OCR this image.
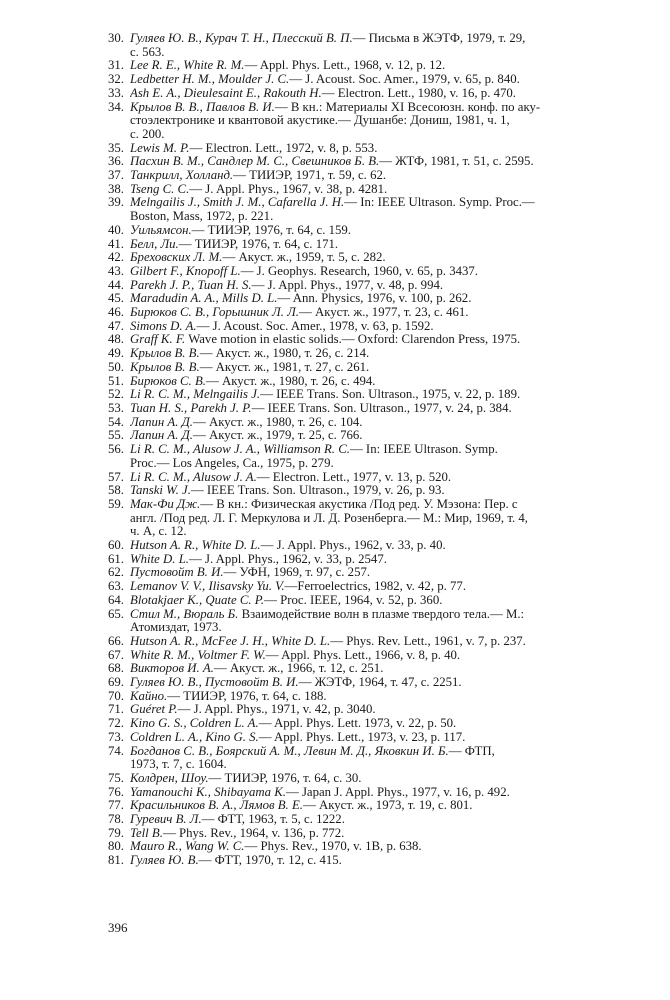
30. Гуляев Ю. В., Курач Т. Н., Плесский В. П.— Письма в ЖЭТФ, 1979, т. 29,
с. 563.
31. Lee R. E., White R. M.— Appl. Phys. Lett., 1968, v. 12, p. 12.
32. Ledbetter H. M., Moulder J. C.— J. Acoust. Soc. Amer., 1979, v. 65, p. 840.
33. Ash E. A., Dieulesaint E., Rakouth H.— Electron. Lett., 1980, v. 16, p. 470.
34. Крылов В. В., Павлов В. И.— В кн.: Материалы XI Всесоюзн. конф. по аку-
стоэлектронике и квантовой акустике.— Душанбе: Дониш, 1981, ч. 1,
с. 200.
35. Lewis M. P.— Electron. Lett., 1972, v. 8, p. 553.
36. Пасхин В. М., Сандлер М. С., Свешников Б. В.— ЖТФ, 1981, т. 51, с. 2595.
37. Танкрилл, Холланд.— ТИИЭР, 1971, т. 59, с. 62.
38. Tseng C. C.— J. Appl. Phys., 1967, v. 38, p. 4281.
39. Melngailis J., Smith J. M., Cafarella J. H.— In: IEEE Ultrason. Symp. Proc.—
Boston, Mass, 1972, p. 221.
40. Уильямсон.— ТИИЭР, 1976, т. 64, с. 159.
41. Белл, Ли.— ТИИЭР, 1976, т. 64, с. 171.
42. Бреховских Л. М.— Акуст. ж., 1959, т. 5, с. 282.
43. Gilbert F., Knopoff L.— J. Geophys. Research, 1960, v. 65, p. 3437.
44. Parekh J. P., Tuan H. S.— J. Appl. Phys., 1977, v. 48, p. 994.
45. Maradudin A. A., Mills D. L.— Ann. Physics, 1976, v. 100, p. 262.
46. Бирюков С. В., Горышник Л. Л.— Акуст. ж., 1977, т. 23, с. 461.
47. Simons D. A.— J. Acoust. Soc. Amer., 1978, v. 63, p. 1592.
48. Graff K. F. Wave motion in elastic solids.— Oxford: Clarendon Press, 1975.
49. Крылов В. В.— Акуст. ж., 1980, т. 26, с. 214.
50. Крылов В. В.— Акуст. ж., 1981, т. 27, с. 261.
51. Бирюков С. В.— Акуст. ж., 1980, т. 26, с. 494.
52. Li R. C. M., Melngailis J.— IEEE Trans. Son. Ultrason., 1975, v. 22, p. 189.
53. Tuan H. S., Parekh J. P.— IEEE Trans. Son. Ultrason., 1977, v. 24, p. 384.
54. Лапин А. Д.— Акуст. ж., 1980, т. 26, с. 104.
55. Лапин А. Д.— Акуст. ж., 1979, т. 25, с. 766.
56. Li R. C. M., Alusow J. A., Williamson R. C.— In: IEEE Ultrason. Symp.
Proc.— Los Angeles, Ca., 1975, p. 279.
57. Li R. C. M., Alusow J. A.— Electron. Lett., 1977, v. 13, p. 520.
58. Tanski W. J.— IEEE Trans. Son. Ultrason., 1979, v. 26, p. 93.
59. Мак-Фи Дж.— В кн.: Физическая акустика /Под ред. У. Мэзона: Пер. с
англ. /Под ред. Л. Г. Меркулова и Л. Д. Розенберга.— М.: Мир, 1969, т. 4,
ч. А, с. 12.
60. Hutson A. R., White D. L.— J. Appl. Phys., 1962, v. 33, p. 40.
61. White D. L.— J. Appl. Phys., 1962, v. 33, p. 2547.
62. Пустовойт В. И.— УФН, 1969, т. 97, с. 257.
63. Lemanov V. V., Ilisavsky Yu. V.—Ferroelectrics, 1982, v. 42, p. 77.
64. Blotakjaer K., Quate C. P.— Proc. IEEE, 1964, v. 52, p. 360.
65. Стил М., Вюраль Б. Взаимодействие волн в плазме твердого тела.— М.:
Атомиздат, 1973.
66. Hutson A. R., McFee J. H., White D. L.— Phys. Rev. Lett., 1961, v. 7, p. 237.
67. White R. M., Voltmer F. W.— Appl. Phys. Lett., 1966, v. 8, p. 40.
68. Викторов И. А.— Акуст. ж., 1966, т. 12, с. 251.
69. Гуляев Ю. В., Пустовойт В. И.— ЖЭТФ, 1964, т. 47, с. 2251.
70. Кайно.— ТИИЭР, 1976, т. 64, с. 188.
71. Guéret P.— J. Appl. Phys., 1971, v. 42, p. 3040.
72. Kino G. S., Coldren L. A.— Appl. Phys. Lett. 1973, v. 22, p. 50.
73. Coldren L. A., Kino G. S.— Appl. Phys. Lett., 1973, v. 23, p. 117.
74. Богданов С. В., Боярский А. М., Левин М. Д., Яковкин И. Б.— ФТП,
1973, т. 7, с. 1604.
75. Колдрен, Шоу.— ТИИЭР, 1976, т. 64, с. 30.
76. Yamanouchi K., Shibayama K.— Japan J. Appl. Phys., 1977, v. 16, p. 492.
77. Красильников В. А., Лямов В. Е.— Акуст. ж., 1973, т. 19, с. 801.
78. Гуревич В. Л.— ФТТ, 1963, т. 5, с. 1222.
79. Tell B.— Phys. Rev., 1964, v. 136, p. 772.
80. Mauro R., Wang W. C.— Phys. Rev., 1970, v. 1B, p. 638.
81. Гуляев Ю. В.— ФТТ, 1970, т. 12, с. 415.
396
